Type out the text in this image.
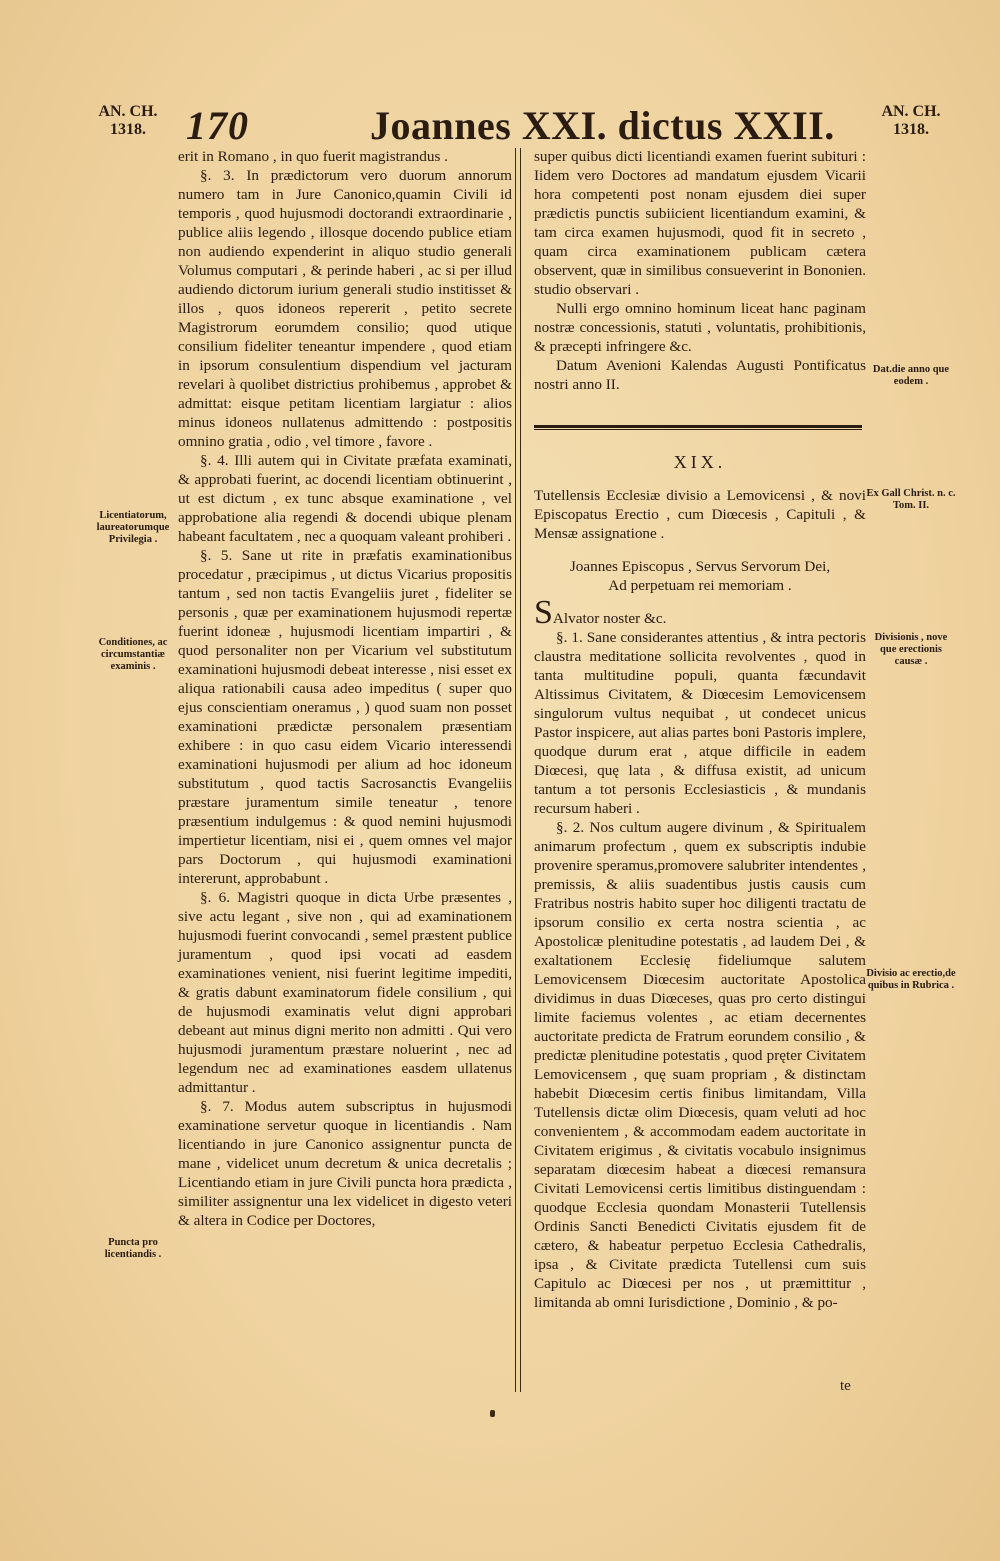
AN. CH.
1318.	170	Joannes XXI. dictus XXII.	AN. CH.
1318.

erit in Romano , in quo fuerit magistrandus .

§. 3. In prædictorum vero duorum annorum numero tam in Jure Canonico,quamin Civili id temporis , quod hujusmodi doctorandi extraordinarie , publice aliis legendo , illosque docendo publice etiam non audiendo expenderint in aliquo studio generali Volumus computari , & perinde haberi , ac si per illud audiendo dictorum iurium generali studio institisset & illos , quos idoneos repererit , petito secrete Magistrorum eorumdem consilio; quod utique consilium fideliter teneantur impendere , quod etiam in ipsorum consulentium dispendium vel jacturam revelari à quolibet districtius prohibemus , approbet & admittat: eisque petitam licentiam largiatur : alios minus idoneos nullatenus admittendo : postpositis omnino gratia , odio , vel timore , favore .

§. 4. Illi autem qui in Civitate præfata examinati, & approbati fuerint, ac docendi licentiam obtinuerint , ut est dictum , ex tunc absque examinatione , vel approbatione alia regendi & docendi ubique plenam habeant facultatem , nec a quoquam valeant prohiberi .

§. 5. Sane ut rite in præfatis examinationibus procedatur , præcipimus , ut dictus Vicarius propositis tantum , sed non tactis Evangeliis juret , fideliter se personis , quæ per examinationem hujusmodi repertæ fuerint idoneæ , hujusmodi licentiam impartiri , & quod personaliter non per Vicarium vel substitutum examinationi hujusmodi debeat interesse , nisi esset ex aliqua rationabili causa adeo impeditus ( super quo ejus conscientiam oneramus , ) quod suam non posset examinationi prædictæ personalem præsentiam exhibere : in quo casu eidem Vicario interessendi examinationi hujusmodi per alium ad hoc idoneum substitutum , quod tactis Sacrosanctis Evangeliis præstare juramentum simile teneatur , tenore præsentium indulgemus : & quod nemini hujusmodi impertietur licentiam, nisi ei , quem omnes vel major pars Doctorum , qui hujusmodi examinationi intererunt, approbabunt .

§. 6. Magistri quoque in dicta Urbe præsentes , sive actu legant , sive non , qui ad examinationem hujusmodi fuerint convocandi , semel præstent publice juramentum , quod ipsi vocati ad easdem examinationes venient, nisi fuerint legitime impediti, & gratis dabunt examinatorum fidele consilium , qui de hujusmodi examinatis velut digni approbari debeant aut minus digni merito non admitti . Qui vero hujusmodi juramentum præstare noluerint , nec ad legendum nec ad examinationes easdem ullatenus admittantur .

§. 7. Modus autem subscriptus in hujusmodi examinatione servetur quoque in licentiandis . Nam licentiando in jure Canonico assignentur puncta de mane , videlicet unum decretum & unica decretalis ; Licentiando etiam in jure Civili puncta hora prædicta , similiter assignentur una lex videlicet in digesto veteri & altera in Codice per Doctores,

super quibus dicti licentiandi examen fuerint subituri : Iidem vero Doctores ad mandatum ejusdem Vicarii hora competenti post nonam ejusdem diei super prædictis punctis subiicient licentiandum examini, & tam circa examen hujusmodi, quod fit in secreto , quam circa examinationem publicam cætera observent, quæ in similibus consueverint in Bononien. studio observari .

Nulli ergo omnino hominum liceat hanc paginam nostræ concessionis, statuti , voluntatis, prohibitionis, & præcepti infringere &c.

Datum Avenioni Kalendas Augusti Pontificatus nostri anno II.

XIX.

Tutellensis Ecclesiæ divisio a Lemovicensi , & novi Episcopatus Erectio , cum Diœcesis , Capituli , & Mensæ assignatione .

Joannes Episcopus , Servus Servorum Dei,

Ad perpetuam rei memoriam .

SAlvator noster &c.

§. 1. Sane considerantes attentius , & intra pectoris claustra meditatione sollicita revolventes , quod in tanta multitudine populi, quanta fæcundavit Altissimus Civitatem, & Diœcesim Lemovicensem singulorum vultus nequibat , ut condecet unicus Pastor inspicere, aut alias partes boni Pastoris implere, quodque durum erat , atque difficile in eadem Diœcesi, quę lata , & diffusa existit, ad unicum tantum a tot personis Ecclesiasticis , & mundanis recursum haberi .

§. 2. Nos cultum augere divinum , & Spiritualem animarum profectum , quem ex subscriptis indubie provenire speramus,promovere salubriter intendentes , premissis, & aliis suadentibus justis causis cum Fratribus nostris habito super hoc diligenti tractatu de ipsorum consilio ex certa nostra scientia , ac Apostolicæ plenitudine potestatis , ad laudem Dei , & exaltationem Ecclesię fideliumque salutem Lemovicensem Diœcesim auctoritate Apostolica dividimus in duas Diœceses, quas pro certo distingui limite faciemus volentes , ac etiam decernentes auctoritate predicta de Fratrum eorundem consilio , & predictæ plenitudine potestatis , quod pręter Civitatem Lemovicensem , quę suam propriam , & distinctam habebit Diœcesim certis finibus limitandam, Villa Tutellensis dictæ olim Diœcesis, quam veluti ad hoc convenientem , & accommodam eadem auctoritate in Civitatem erigimus , & civitatis vocabulo insignimus separatam diœcesim habeat a diœcesi remansura Civitati Lemovicensi certis limitibus distinguendam : quodque Ecclesia quondam Monasterii Tutellensis Ordinis Sancti Benedicti Civitatis ejusdem fit de cætero, & habeatur perpetuo Ecclesia Cathedralis, ipsa , & Civitate prædicta Tutellensi cum suis Capitulo ac Diœcesi per nos , ut præmittitur , limitanda ab omni Iurisdictione , Dominio , & po-

te
Licentiatorum, laureatorumque Privilegia .
Conditiones, ac circumstantiæ examinis .
Puncta pro licentiandis .
Dat.die anno que eodem .
Ex Gall Christ. n. c. Tom. II.
Divisionis , nove que erectionis causæ .
Divisio ac erectio,de quibus in Rubrica .
